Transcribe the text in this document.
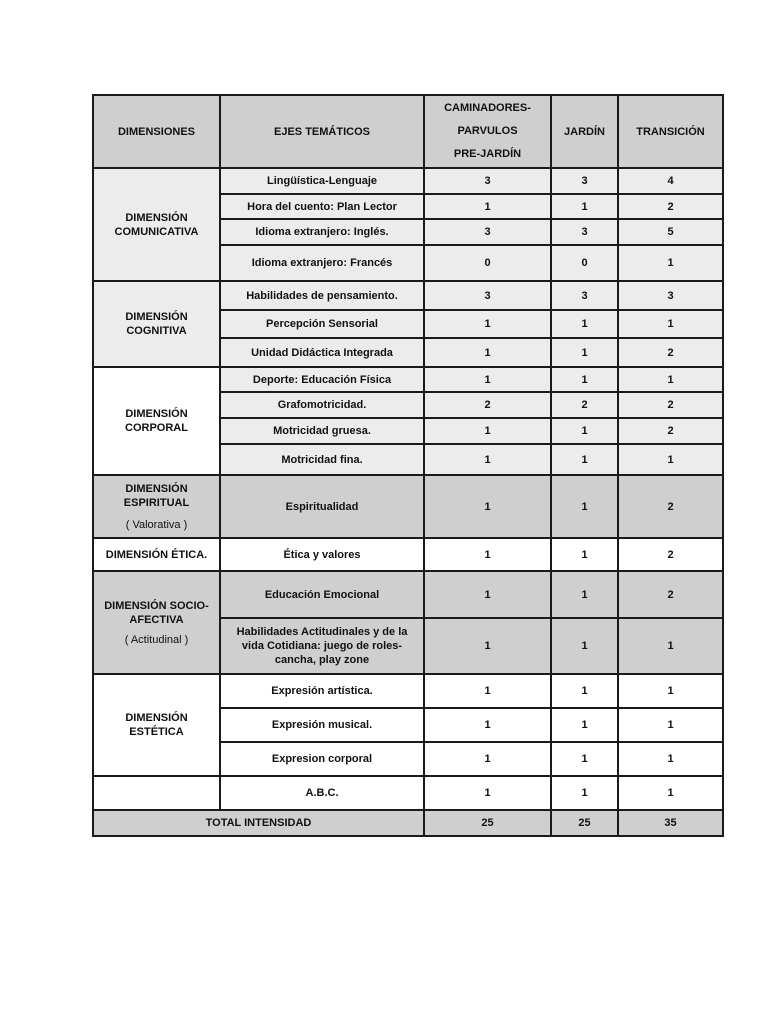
DIMENSIONES	EJES TEMÁTICOS	CAMINADORES-
PARVULOS
PRE-JARDÍN	JARDÍN	TRANSICIÓN

DIMENSIÓN
COMUNICATIVA	Lingüística-Lenguaje	3	3	4
	Hora del cuento: Plan Lector	1	1	2
	Idioma extranjero: Inglés.	3	3	5
	Idioma extranjero: Francés	0	0	1

DIMENSIÓN
COGNITIVA	Habilidades de pensamiento.	3	3	3
	Percepción Sensorial	1	1	1
	Unidad Didáctica Integrada	1	1	2

DIMENSIÓN
CORPORAL	Deporte: Educación Física	1	1	1
	Grafomotricidad.	2	2	2
	Motricidad gruesa.	1	1	2
	Motricidad fina.	1	1	1

DIMENSIÓN
ESPIRITUAL
( Valorativa )	Espiritualidad	1	1	2
DIMENSIÓN ÉTICA.	Ética y valores	1	1	2

DIMENSIÓN SOCIO-
AFECTIVA
( Actitudinal )	Educación Emocional	1	1	2
	Habilidades Actitudinales y de la vida Cotidiana: juego de roles-cancha, play zone	1	1	1

DIMENSIÓN
ESTÉTICA	Expresión artística.	1	1	1
	Expresión musical.	1	1	1
	Expresion corporal	1	1	1
	A.B.C.	1	1	1
TOTAL INTENSIDAD		25	25	35
